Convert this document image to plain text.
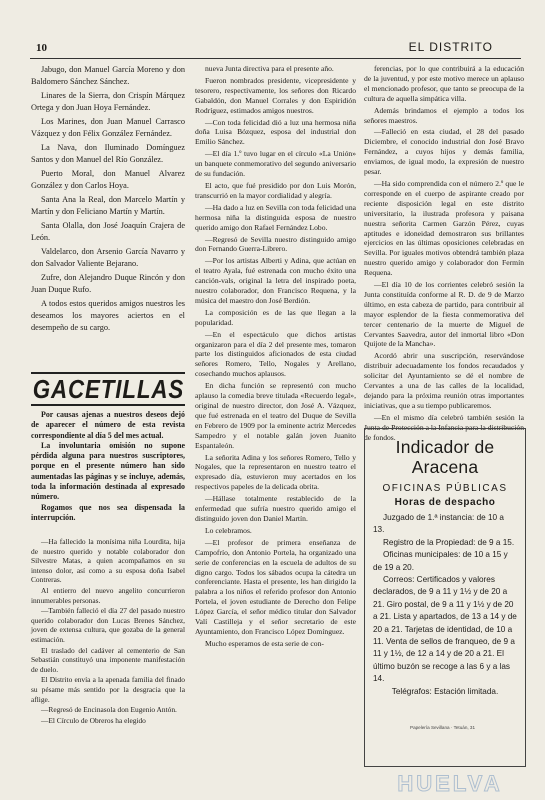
10	EL DISTRITO

Jabugo, don Manuel García Moreno y don Baldomero Sánchez Sánchez.

Linares de la Sierra, don Crispín Márquez Ortega y don Juan Hoya Fernández.

Los Marines, don Juan Manuel Carrasco Vázquez y don Félix González Fernández.

La Nava, don Iluminado Domínguez Santos y don Manuel del Río González.

Puerto Moral, don Manuel Alvarez González y don Carlos Hoya.

Santa Ana la Real, don Marcelo Martín y Martín y don Feliciano Martín y Martín.

Santa Olalla, don José Joaquín Crajera de León.

Valdelarco, don Arsenio García Navarro y don Salvador Valiente Bejarano.

Zufre, don Alejandro Duque Rincón y don Juan Duque Rufo.

A todos estos queridos amigos nuestros les deseamos los mayores aciertos en el desempeño de su cargo.

GACETILLAS

Por causas ajenas a nuestros deseos dejó de aparecer el número de esta revista correspondiente al día 5 del mes actual.

La involuntaria omisión no supone pérdida alguna para nuestros suscriptores, porque en el presente número han sido aumentadas las páginas y se incluye, además, toda la información destinada al expresado número.

Rogamos que nos sea dispensada la interrupción.

—Ha fallecido la monísima niña Lourdita, hija de nuestro querido y notable colaborador don Silvestre Matas, a quien acompañamos en su intenso dolor, así como a su esposa doña Isabel Contreras.

Al entierro del nuevo angelito concurrieron innumerables personas.

—También falleció el día 27 del pasado nuestro querido colaborador don Lucas Brenes Sánchez, joven de extensa cultura, que gozaba de la general estimación.

El traslado del cadáver al cementerio de San Sebastián constituyó una imponente manifestación de duelo.

El Distrito envía a la apenada familia del finado su pésame más sentido por la desgracia que la aflige.

—Regresó de Encinasola don Eugenio Antón.

—El Círculo de Obreros ha elegido

nueva Junta directiva para el presente año.

Fueron nombrados presidente, vicepresidente y tesorero, respectivamente, los señores don Ricardo Gabaldón, don Manuel Corrales y don Espiridión Rodríguez, estimados amigos nuestros.

—Con toda felicidad dió a luz una hermosa niña doña Luisa Bózquez, esposa del industrial don Emilio Sánchez.

—El día 1.º tuvo lugar en el círculo «La Unión» un banquete conmemorativo del segundo aniversario de su fundación.

El acto, que fué presidido por don Luis Morón, transcurrió en la mayor cordialidad y alegría.

—Ha dado a luz en Sevilla con toda felicidad una hermosa niña la distinguida esposa de nuestro querido amigo don Rafael Fernández Lobo.

—Regresó de Sevilla nuestro distinguido amigo don Fernando Guerra-Librero.

—Por los artistas Alberti y Adina, que actúan en el teatro Ayala, fué estrenada con mucho éxito una canción-vals, original la letra del inspirado poeta, nuestro colaborador, don Francisco Requena, y la música del maestro don José Berdión.

La composición es de las que llegan a la popularidad.

—En el espectáculo que dichos artistas organizaron para el día 2 del presente mes, tomaron parte los distinguidos aficionados de esta ciudad señores Romero, Tello, Nogales y Arellano, cosechando muchos aplausos.

En dicha función se representó con mucho aplauso la comedia breve titulada «Recuerdo legal», original de nuestro director, don José A. Vázquez, que fué estrenada en el teatro del Duque de Sevilla en Febrero de 1909 por la eminente actriz Mercedes Sampedro y el notable galán joven Juanito Espantaleón.

La señorita Adina y los señores Romero, Tello y Nogales, que la representaron en nuestro teatro el expresado día, estuvieron muy acertados en los respectivos papeles de la delicada obrita.

—Hállase totalmente restablecido de la enfermedad que sufría nuestro querido amigo el distinguido joven don Daniel Martín.

Lo celebramos.

—El profesor de primera enseñanza de Campofrío, don Antonio Portela, ha organizado una serie de conferencias en la escuela de adultos de su digno cargo. Todos los sábados ocupa la cátedra un conferenciante. Hasta el presente, les han dirigido la palabra a los niños el referido profesor don Antonio Portela, el joven estudiante de Derecho don Felipe López García, el señor médico titular don Salvador Valí Castilleja y el señor secretario de este Ayuntamiento, don Francisco López Domínguez.

Mucho esperamos de esta serie de con-

ferencias, por lo que contribuirá a la educación de la juventud, y por este motivo merece un aplauso el mencionado profesor, que tanto se preocupa de la cultura de aquella simpática villa.

Además brindamos el ejemplo a todos los señores maestros.

—Falleció en esta ciudad, el 28 del pasado Diciembre, el conocido industrial don José Bravo Fernández, a cuyos hijos y demás familia, enviamos, de igual modo, la expresión de nuestro pesar.

—Ha sido comprendida con el número 2.º que le corresponde en el cuerpo de aspirante creado por reciente disposición legal en este distrito universitario, la ilustrada profesora y paisana nuestra señorita Carmen Garzón Pérez, cuyas aptitudes e idoneidad demostraron sus brillantes ejercicios en las últimas oposiciones celebradas en Sevilla. Por iguales motivos obtendrá también plaza nuestro querido amigo y colaborador don Fermín Requena.

—El día 10 de los corrientes celebró sesión la Junta constituída conforme al R. D. de 9 de Marzo último, en esta cabeza de partido, para contribuir al mayor esplendor de la fiesta conmemorativa del tercer centenario de la muerte de Miguel de Cervantes Saavedra, autor del inmortal libro «Don Quijote de la Mancha».

Acordó abrir una suscripción, reservándose distribuir adecuadamente los fondos recaudados y solicitar del Ayuntamiento se dé el nombre de Cervantes a una de las calles de la localidad, dejando para la próxima reunión otras importantes iniciativas, que a su tiempo publicaremos.

—En el mismo día celebró también sesión la Junta de Protección a la Infancia para la distribución de fondos. Indicador de Aracena
OFICINAS PÚBLICAS
Horas de despacho

Juzgado de 1.ª instancia: de 10 a 13.

Registro de la Propiedad: de 9 a 15.

Oficinas municipales: de 10 a 15 y de 19 a 20.

Correos: Certificados y valores declarados, de 9 a 11 y 1½ y de 20 a 21. Giro postal, de 9 a 11 y 1½ y de 20 a 21. Lista y apartados, de 13 a 14 y de 20 a 21. Tarjetas de identidad, de 10 a 11. Venta de sellos de franqueo, de 9 a 11 y 1½, de 12 a 14 y de 20 a 21. El último buzón se recoge a las 6 y a las 14.

Telégrafos: Estación limitada.

Papelería Sevillana · Tetuán, 31
HUELVA
